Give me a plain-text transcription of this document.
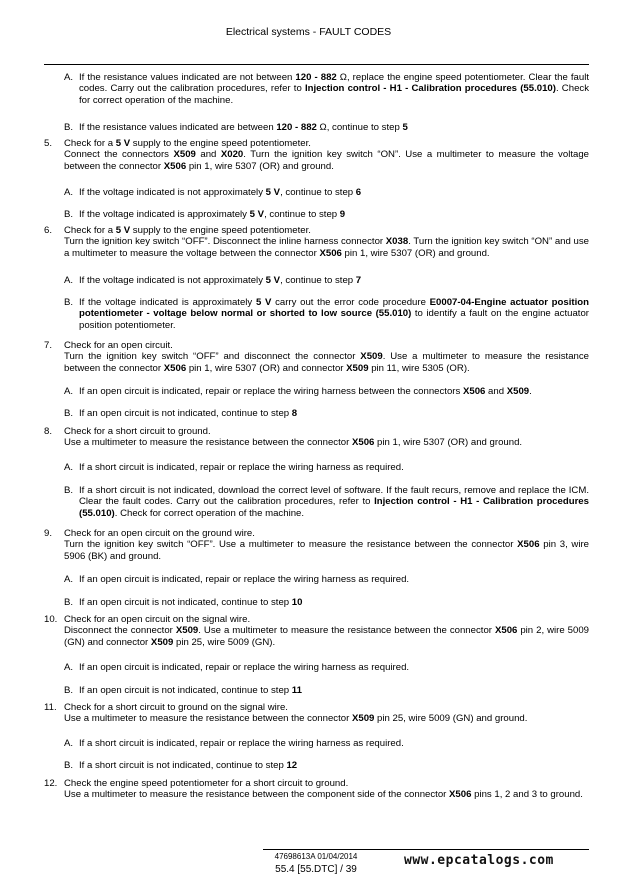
Electrical systems - FAULT CODES
A. If the resistance values indicated are not between 120 - 882 Ω, replace the engine speed potentiometer. Clear the fault codes. Carry out the calibration procedures, refer to Injection control - H1 - Calibration procedures (55.010). Check for correct operation of the machine.
B. If the resistance values indicated are between 120 - 882 Ω, continue to step 5
5. Check for a 5 V supply to the engine speed potentiometer.
Connect the connectors X509 and X020. Turn the ignition key switch “ON”. Use a multimeter to measure the voltage between the connector X506 pin 1, wire 5307 (OR) and ground.
A. If the voltage indicated is not approximately 5 V, continue to step 6
B. If the voltage indicated is approximately 5 V, continue to step 9
6. Check for a 5 V supply to the engine speed potentiometer.
Turn the ignition key switch “OFF”. Disconnect the inline harness connector X038. Turn the ignition key switch “ON” and use a multimeter to measure the voltage between the connector X506 pin 1, wire 5307 (OR) and ground.
A. If the voltage indicated is not approximately 5 V, continue to step 7
B. If the voltage indicated is approximately 5 V carry out the error code procedure E0007-04-Engine actuator position potentiometer - voltage below normal or shorted to low source (55.010) to identify a fault on the engine actuator position potentiometer.
7. Check for an open circuit.
Turn the ignition key switch “OFF” and disconnect the connector X509. Use a multimeter to measure the resistance between the connector X506 pin 1, wire 5307 (OR) and connector X509 pin 11, wire 5305 (OR).
A. If an open circuit is indicated, repair or replace the wiring harness between the connectors X506 and X509.
B. If an open circuit is not indicated, continue to step 8
8. Check for a short circuit to ground.
Use a multimeter to measure the resistance between the connector X506 pin 1, wire 5307 (OR) and ground.
A. If a short circuit is indicated, repair or replace the wiring harness as required.
B. If a short circuit is not indicated, download the correct level of software. If the fault recurs, remove and replace the ICM. Clear the fault codes. Carry out the calibration procedures, refer to Injection control - H1 - Calibration procedures (55.010). Check for correct operation of the machine.
9. Check for an open circuit on the ground wire.
Turn the ignition key switch “OFF”. Use a multimeter to measure the resistance between the connector X506 pin 3, wire 5906 (BK) and ground.
A. If an open circuit is indicated, repair or replace the wiring harness as required.
B. If an open circuit is not indicated, continue to step 10
10. Check for an open circuit on the signal wire.
Disconnect the connector X509. Use a multimeter to measure the resistance between the connector X506 pin 2, wire 5009 (GN) and connector X509 pin 25, wire 5009 (GN).
A. If an open circuit is indicated, repair or replace the wiring harness as required.
B. If an open circuit is not indicated, continue to step 11
11. Check for a short circuit to ground on the signal wire.
Use a multimeter to measure the resistance between the connector X509 pin 25, wire 5009 (GN) and ground.
A. If a short circuit is indicated, repair or replace the wiring harness as required.
B. If a short circuit is not indicated, continue to step 12
12. Check the engine speed potentiometer for a short circuit to ground.
Use a multimeter to measure the resistance between the component side of the connector X506 pins 1, 2 and 3 to ground.
47698613A 01/04/2014
55.4 [55.DTC] / 39
www.epcatalogs.com
